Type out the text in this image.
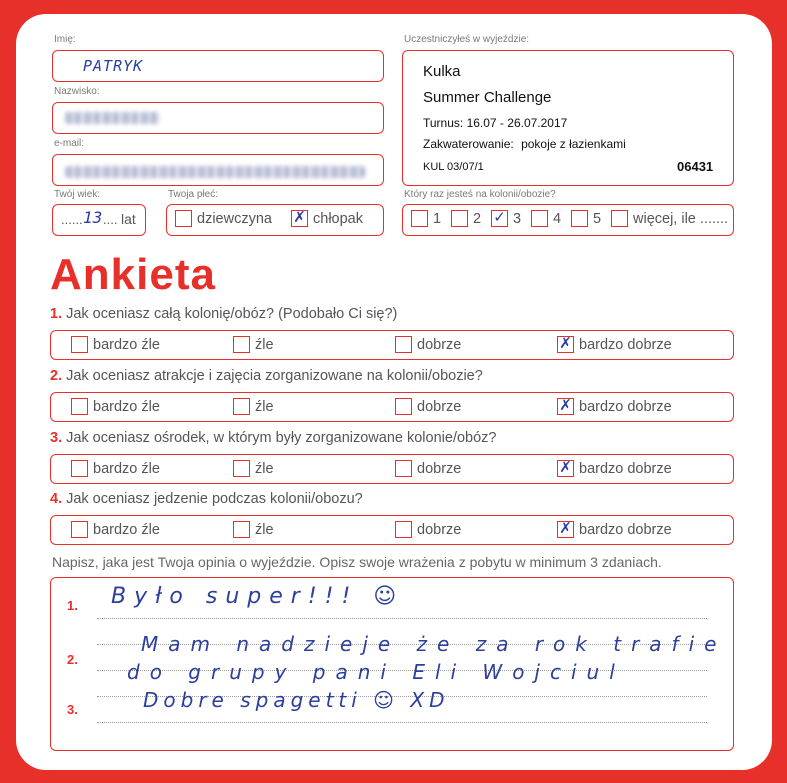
Imię:
PATRYK
Nazwisko:
e-mail:
Twój wiek:
...... 13 .... lat
Twoja płeć:
dziewczyna ✗ chłopak
Uczestniczyłeś w wyjeździe:
Kulka
Summer Challenge
Turnus: 16.07 - 26.07.2017
Zakwaterowanie: pokoje z łazienkami
KUL 03/07/1	06431
Który raz jesteś na kolonii/obozie?
1	2 ✓ 3	4	5	więcej, ile .......
Ankieta
1. Jak oceniasz całą kolonię/obóz? (Podobało Ci się?)
bardzo źle	źle	dobrze	✗ bardzo dobrze
2. Jak oceniasz atrakcje i zajęcia zorganizowane na kolonii/obozie?
bardzo źle	źle	dobrze	✗ bardzo dobrze
3. Jak oceniasz ośrodek, w którym były zorganizowane kolonie/obóz?
bardzo źle	źle	dobrze	✗ bardzo dobrze
4. Jak oceniasz jedzenie podczas kolonii/obozu?
bardzo źle	źle	dobrze	✗ bardzo dobrze
Napisz, jaka jest Twoja opinia o wyjeździe. Opisz swoje wrażenia z pobytu w minimum 3 zdaniach.
1.
2.
3.
Było super!!! ☺
Mam nadzieje że za rok trafie
do grupy pani Eli Wojciul
Dobre spagetti ☺ XD
